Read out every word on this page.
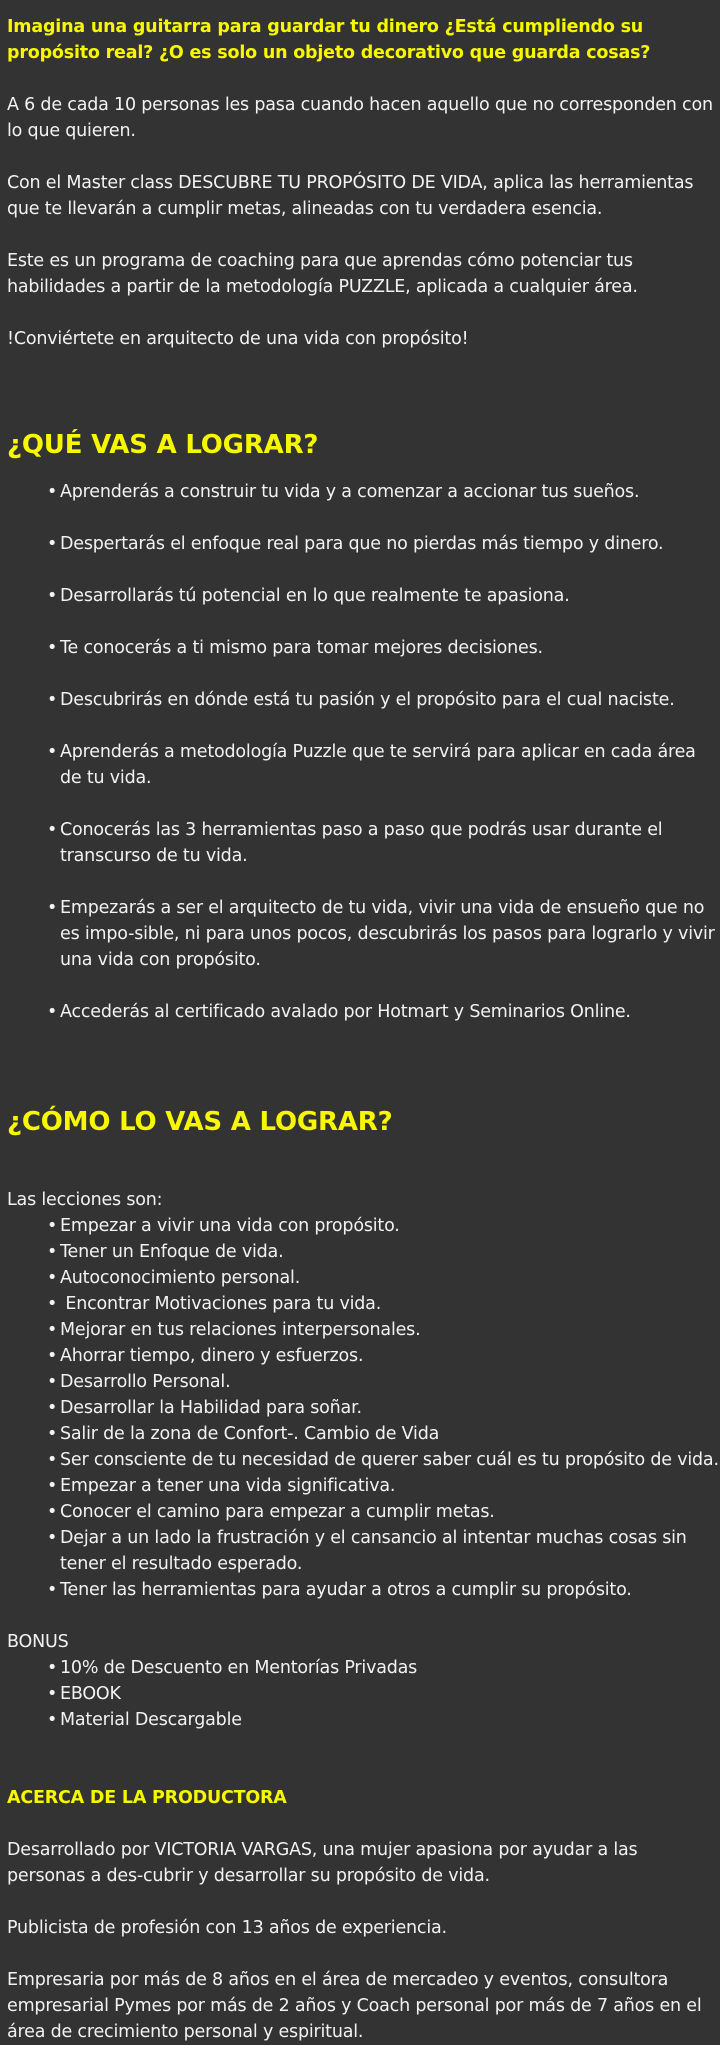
Imagina una guitarra para guardar tu dinero ¿Está cumpliendo su propósito real? ¿O es solo un objeto decorativo que guarda cosas?

A 6 de cada 10 personas les pasa cuando hacen aquello que no corresponden con lo que quieren.

Con el Master class DESCUBRE TU PROPÓSITO DE VIDA, aplica las herramientas que te llevarán a cumplir metas, alineadas con tu verdadera esencia.

Este es un programa de coaching para que aprendas cómo potenciar tus habilidades a partir de la metodología PUZZLE, aplicada a cualquier área.

!Conviértete en arquitecto de una vida con propósito!

¿QUÉ VAS A LOGRAR?
• Aprenderás a construir tu vida y a comenzar a accionar tus sueños.
• Despertarás el enfoque real para que no pierdas más tiempo y dinero.
• Desarrollarás tú potencial en lo que realmente te apasiona.
• Te conocerás a ti mismo para tomar mejores decisiones.
• Descubrirás en dónde está tu pasión y el propósito para el cual naciste.
• Aprenderás a metodología Puzzle que te servirá para aplicar en cada área de tu vida.
• Conocerás las 3 herramientas paso a paso que podrás usar durante el transcurso de tu vida.
• Empezarás a ser el arquitecto de tu vida, vivir una vida de ensueño que no es impo-sible, ni para unos pocos, descubrirás los pasos para lograrlo y vivir una vida con propósito.
• Accederás al certificado avalado por Hotmart y Seminarios Online.
¿CÓMO LO VAS A LOGRAR?

Las lecciones son:

• Empezar a vivir una vida con propósito.
• Tener un Enfoque de vida.
• Autoconocimiento personal.
•  Encontrar Motivaciones para tu vida.
• Mejorar en tus relaciones interpersonales.
• Ahorrar tiempo, dinero y esfuerzos.
• Desarrollo Personal.
• Desarrollar la Habilidad para soñar.
• Salir de la zona de Confort-. Cambio de Vida
• Ser consciente de tu necesidad de querer saber cuál es tu propósito de vida.
• Empezar a tener una vida significativa.
• Conocer el camino para empezar a cumplir metas.
• Dejar a un lado la frustración y el cansancio al intentar muchas cosas sin tener el resultado esperado.
• Tener las herramientas para ayudar a otros a cumplir su propósito.

BONUS

• 10% de Descuento en Mentorías Privadas
• EBOOK
• Material Descargable

ACERCA DE LA PRODUCTORA

Desarrollado por VICTORIA VARGAS, una mujer apasiona por ayudar a las personas a des-cubrir y desarrollar su propósito de vida.

Publicista de profesión con 13 años de experiencia.

Empresaria por más de 8 años en el área de mercadeo y eventos, consultora empresarial Pymes por más de 2 años y Coach personal por más de 7 años en el área de crecimiento personal y espiritual.
